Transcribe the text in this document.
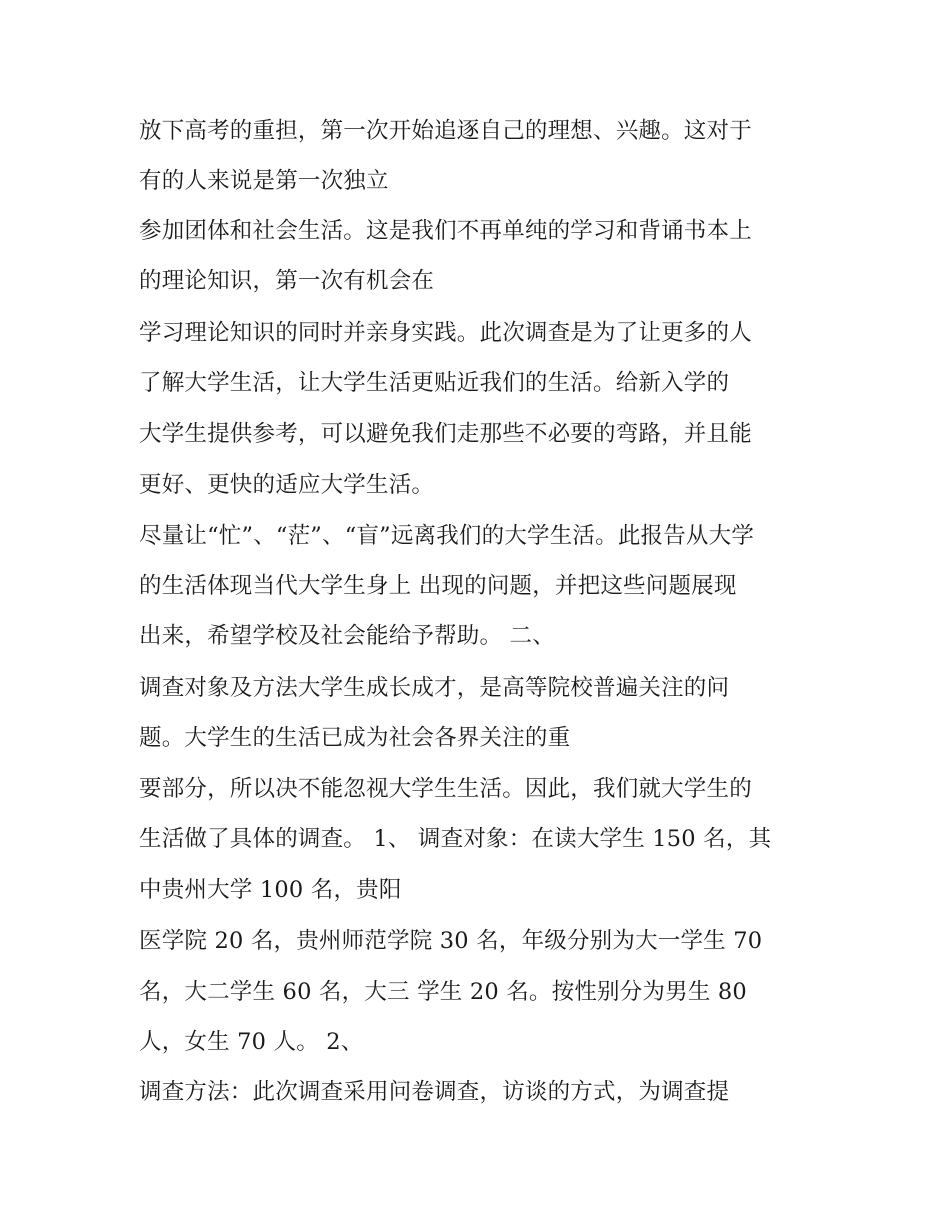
放下高考的重担，第一次开始追逐自己的理想、兴趣。这对于
有的人来说是第一次独立
参加团体和社会生活。这是我们不再单纯的学习和背诵书本上
的理论知识，第一次有机会在
学习理论知识的同时并亲身实践。此次调查是为了让更多的人
了解大学生活，让大学生活更贴近我们的生活。给新入学的
大学生提供参考，可以避免我们走那些不必要的弯路，并且能
更好、更快的适应大学生活。
尽量让“忙”、“茫”、“盲”远离我们的大学生活。此报告从大学
的生活体现当代大学生身上 出现的问题，并把这些问题展现
出来，希望学校及社会能给予帮助。 二、
调查对象及方法大学生成长成才，是高等院校普遍关注的问
题。大学生的生活已成为社会各界关注的重
要部分，所以决不能忽视大学生生活。因此，我们就大学生的
生活做了具体的调查。 1、 调查对象：在读大学生 150 名，其
中贵州大学 100 名，贵阳
医学院 20 名，贵州师范学院 30 名，年级分别为大一学生 70
名，大二学生 60 名，大三 学生 20 名。按性别分为男生 80
人，女生 70 人。 2、
调查方法：此次调查采用问卷调查，访谈的方式，为调查提
